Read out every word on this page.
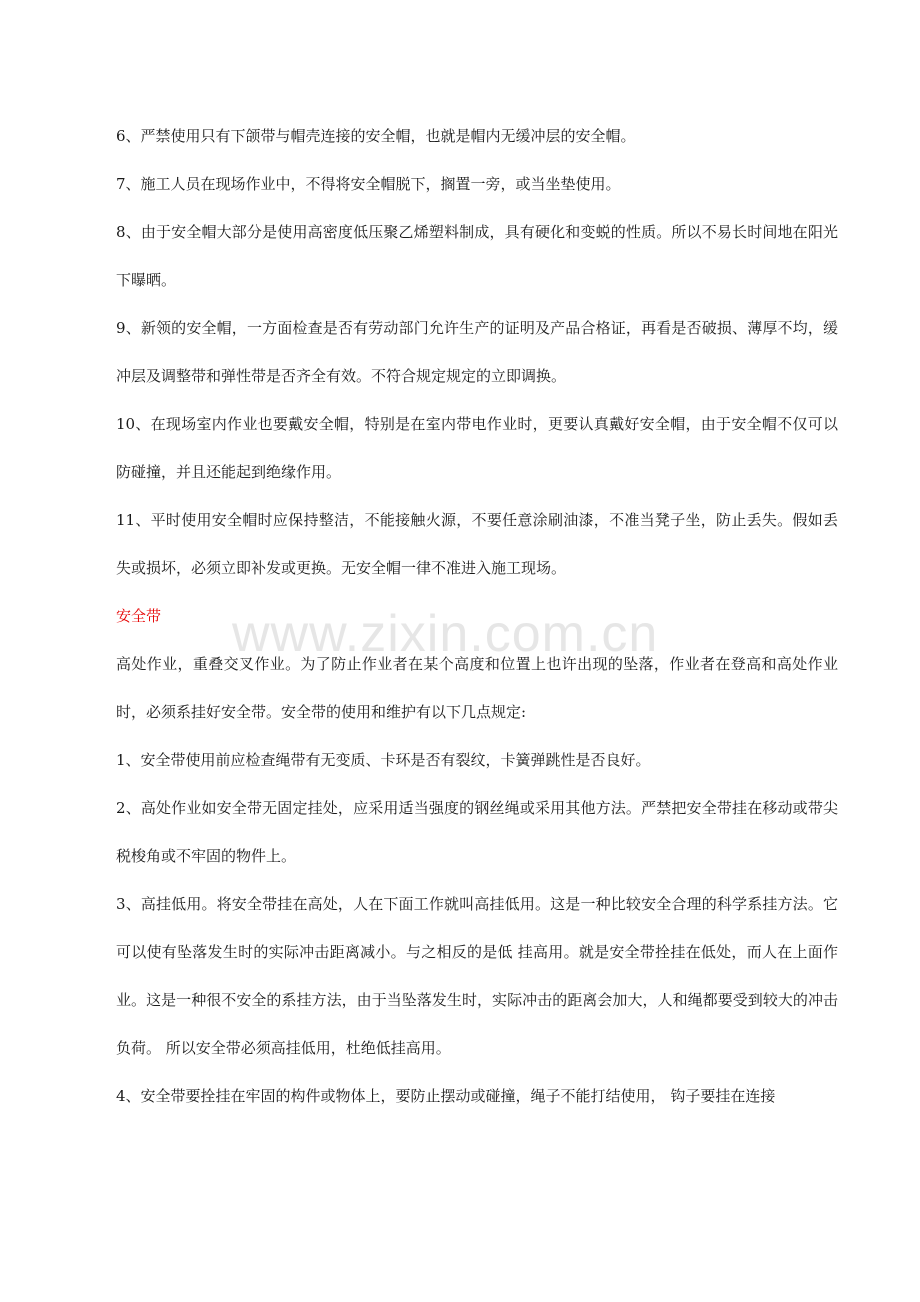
6、严禁使用只有下颌带与帽壳连接的安全帽，也就是帽内无缓冲层的安全帽。

7、施工人员在现场作业中，不得将安全帽脱下，搁置一旁，或当坐垫使用。

8、由于安全帽大部分是使用高密度低压聚乙烯塑料制成，具有硬化和变蜕的性质。所以不易长时间地在阳光下曝晒。

9、新领的安全帽，一方面检查是否有劳动部门允许生产的证明及产品合格证，再看是否破损、薄厚不均，缓冲层及调整带和弹性带是否齐全有效。不符合规定规定的立即调换。

10、在现场室内作业也要戴安全帽，特别是在室内带电作业时，更要认真戴好安全帽，由于安全帽不仅可以防碰撞，并且还能起到绝缘作用。

11、平时使用安全帽时应保持整洁，不能接触火源，不要任意涂刷油漆，不准当凳子坐，防止丢失。假如丢失或损坏，必须立即补发或更换。无安全帽一律不准进入施工现场。

安全带

高处作业，重叠交叉作业。为了防止作业者在某个高度和位置上也许出现的坠落，作业者在登高和高处作业时，必须系挂好安全带。安全带的使用和维护有以下几点规定:

1、安全带使用前应检查绳带有无变质、卡环是否有裂纹，卡簧弹跳性是否良好。

2、高处作业如安全带无固定挂处，应采用适当强度的钢丝绳或采用其他方法。严禁把安全带挂在移动或带尖税梭角或不牢固的物件上。

3、高挂低用。将安全带挂在高处，人在下面工作就叫高挂低用。这是一种比较安全合理的科学系挂方法。它可以使有坠落发生时的实际冲击距离减小。与之相反的是低 挂高用。就是安全带拴挂在低处，而人在上面作业。这是一种很不安全的系挂方法，由于当坠落发生时，实际冲击的距离会加大，人和绳都要受到较大的冲击负荷。 所以安全带必须高挂低用，杜绝低挂高用。

4、安全带要拴挂在牢固的构件或物体上，要防止摆动或碰撞，绳子不能打结使用， 钩子要挂在连接

www.zixin.com.cn
